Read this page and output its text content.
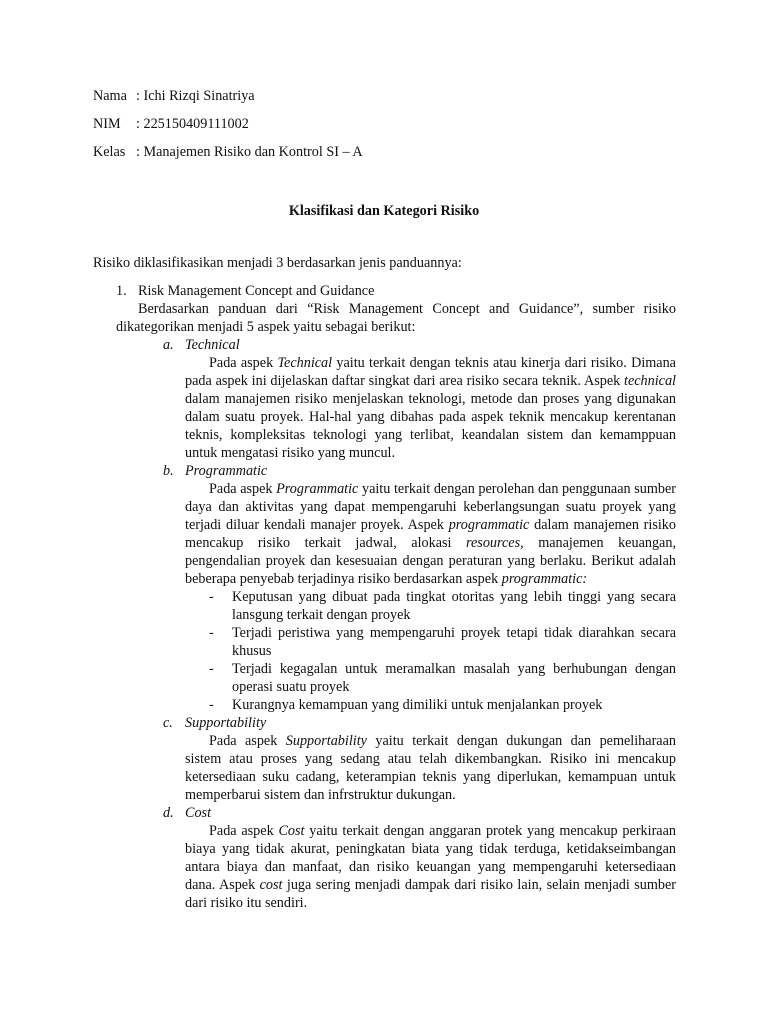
Nama : Ichi Rizqi Sinatriya
NIM : 225150409111002
Kelas : Manajemen Risiko dan Kontrol SI – A
Klasifikasi dan Kategori Risiko
Risiko diklasifikasikan menjadi 3 berdasarkan jenis panduannya:
1. Risk Management Concept and Guidance
Berdasarkan panduan dari “Risk Management Concept and Guidance”, sumber risiko dikategorikan menjadi 5 aspek yaitu sebagai berikut:
a. Technical
Pada aspek Technical yaitu terkait dengan teknis atau kinerja dari risiko. Dimana pada aspek ini dijelaskan daftar singkat dari area risiko secara teknik. Aspek technical dalam manajemen risiko menjelaskan teknologi, metode dan proses yang digunakan dalam suatu proyek. Hal-hal yang dibahas pada aspek teknik mencakup kerentanan teknis, kompleksitas teknologi yang terlibat, keandalan sistem dan kemamppuan untuk mengatasi risiko yang muncul.
b. Programmatic
Pada aspek Programmatic yaitu terkait dengan perolehan dan penggunaan sumber daya dan aktivitas yang dapat mempengaruhi keberlangsungan suatu proyek yang terjadi diluar kendali manajer proyek. Aspek programmatic dalam manajemen risiko mencakup risiko terkait jadwal, alokasi resources, manajemen keuangan, pengendalian proyek dan kesesuaian dengan peraturan yang berlaku. Berikut adalah beberapa penyebab terjadinya risiko berdasarkan aspek programmatic:
- Keputusan yang dibuat pada tingkat otoritas yang lebih tinggi yang secara lansgung terkait dengan proyek
- Terjadi peristiwa yang mempengaruhi proyek tetapi tidak diarahkan secara khusus
- Terjadi kegagalan untuk meramalkan masalah yang berhubungan dengan operasi suatu proyek
- Kurangnya kemampuan yang dimiliki untuk menjalankan proyek
c. Supportability
Pada aspek Supportability yaitu terkait dengan dukungan dan pemeliharaan sistem atau proses yang sedang atau telah dikembangkan. Risiko ini mencakup ketersediaan suku cadang, keterampian teknis yang diperlukan, kemampuan untuk memperbarui sistem dan infrstruktur dukungan.
d. Cost
Pada aspek Cost yaitu terkait dengan anggaran protek yang mencakup perkiraan biaya yang tidak akurat, peningkatan biata yang tidak terduga, ketidakseimbangan antara biaya dan manfaat, dan risiko keuangan yang mempengaruhi ketersediaan dana. Aspek cost juga sering menjadi dampak dari risiko lain, selain menjadi sumber dari risiko itu sendiri.
